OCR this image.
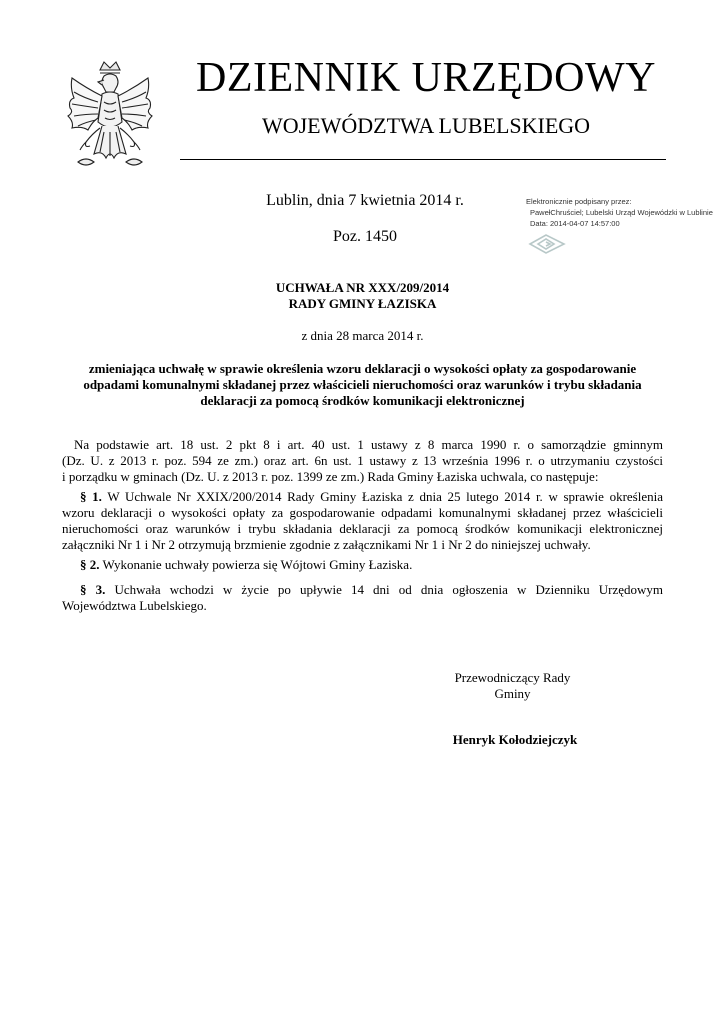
DZIENNIK URZĘDOWY
WOJEWÓDZTWA LUBELSKIEGO
Lublin, dnia 7 kwietnia 2014 r.
Poz. 1450
Elektronicznie podpisany przez:
PawełChruściel; Lubelski Urząd Wojewódzki w Lublinie
Data: 2014-04-07 14:57:00
UCHWAŁA NR XXX/209/2014
RADY GMINY ŁAZISKA
z dnia 28 marca 2014 r.
zmieniająca uchwałę w sprawie określenia wzoru deklaracji o wysokości opłaty za gospodarowanie
odpadami komunalnymi składanej przez właścicieli nieruchomości oraz warunków i trybu składania
deklaracji za pomocą środków komunikacji elektronicznej
Na podstawie art. 18 ust. 2 pkt 8 i art. 40 ust. 1 ustawy z 8 marca 1990 r. o samorządzie gminnym
(Dz. U. z 2013 r. poz. 594 ze zm.) oraz art. 6n ust. 1 ustawy z 13 września 1996 r. o utrzymaniu czystości
i porządku w gminach (Dz. U. z 2013 r. poz. 1399 ze zm.) Rada Gminy Łaziska uchwala, co następuje:
§ 1. W Uchwale Nr XXIX/200/2014 Rady Gminy Łaziska z dnia 25 lutego 2014 r. w sprawie określenia
wzoru deklaracji o wysokości opłaty za gospodarowanie odpadami komunalnymi składanej przez właścicieli
nieruchomości oraz warunków i trybu składania deklaracji za pomocą środków komunikacji elektronicznej
załączniki Nr 1 i Nr 2 otrzymują brzmienie zgodnie z załącznikami Nr 1 i Nr 2 do niniejszej uchwały.
§ 2. Wykonanie uchwały powierza się Wójtowi Gminy Łaziska.
§ 3. Uchwała wchodzi w życie po upływie 14 dni od dnia ogłoszenia w Dzienniku Urzędowym
Województwa Lubelskiego.
Przewodniczący Rady
Gminy
Henryk Kołodziejczyk
